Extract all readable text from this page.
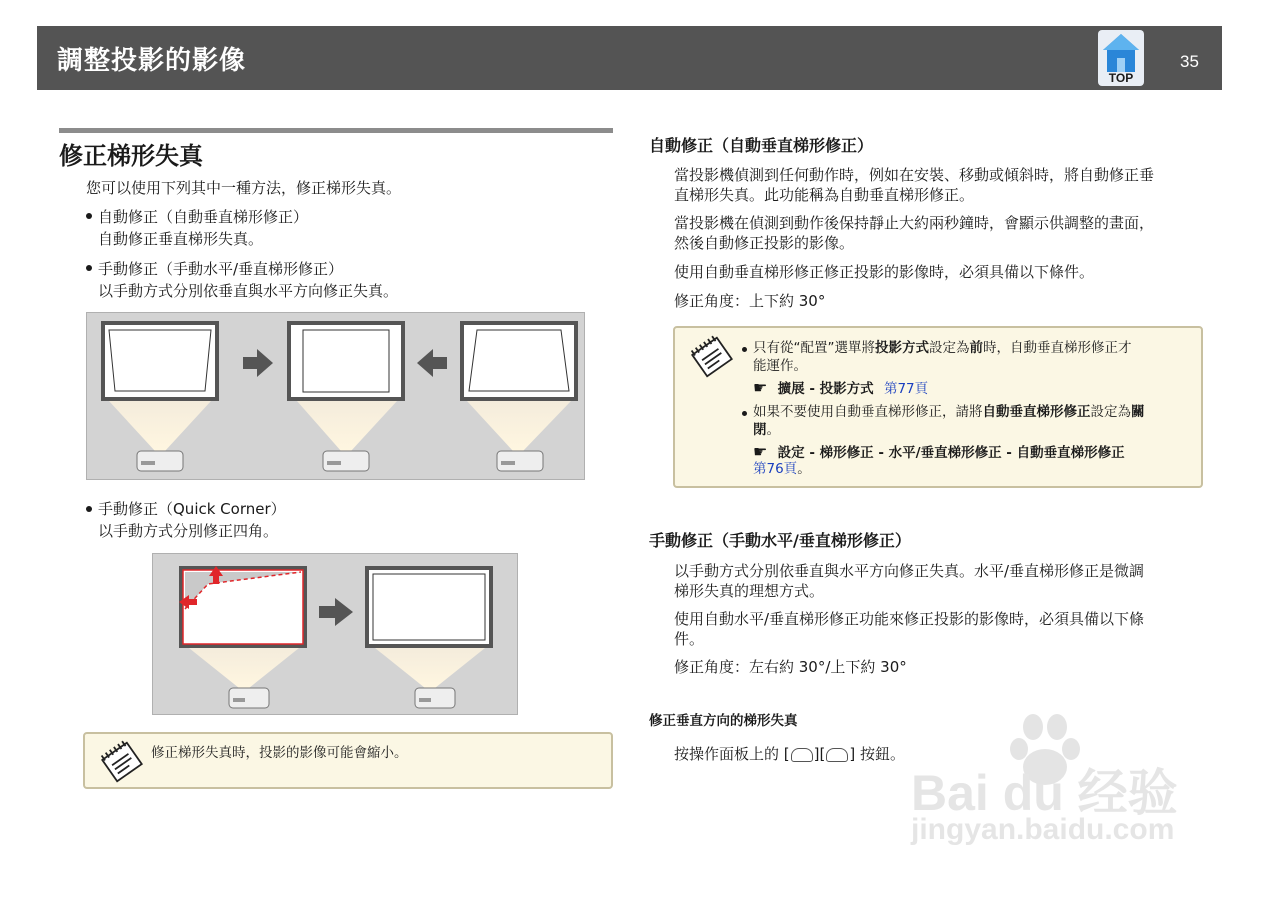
調整投影的影像
TOP
35
修正梯形失真
您可以使用下列其中一種方法，修正梯形失真。
自動修正（自動垂直梯形修正）
自動修正垂直梯形失真。
手動修正（手動水平/垂直梯形修正）
以手動方式分別依垂直與水平方向修正失真。
手動修正（Quick Corner）
以手動方式分別修正四角。
修正梯形失真時，投影的影像可能會縮小。
自動修正（自動垂直梯形修正）
當投影機偵測到任何動作時，例如在安裝、移動或傾斜時，將自動修正垂
直梯形失真。此功能稱為自動垂直梯形修正。
當投影機在偵測到動作後保持靜止大約兩秒鐘時，會顯示供調整的畫面，
然後自動修正投影的影像。
使用自動垂直梯形修正修正投影的影像時，必須具備以下條件。
修正角度：上下約 30°
只有從“配置”選單將投影方式設定為前時，自動垂直梯形修正才
能運作。
☛ 擴展 - 投影方式 第77頁
如果不要使用自動垂直梯形修正，請將自動垂直梯形修正設定為關
閉。
☛ 設定 - 梯形修正 - 水平/垂直梯形修正 - 自動垂直梯形修正
第76頁。
手動修正（手動水平/垂直梯形修正）
以手動方式分別依垂直與水平方向修正失真。水平/垂直梯形修正是微調
梯形失真的理想方式。
使用自動水平/垂直梯形修正功能來修正投影的影像時，必須具備以下條
件。
修正角度：左右約 30°/上下約 30°
修正垂直方向的梯形失真
按操作面板上的 [ ][ ] 按鈕。
Bai du 经验
jingyan.baidu.com
